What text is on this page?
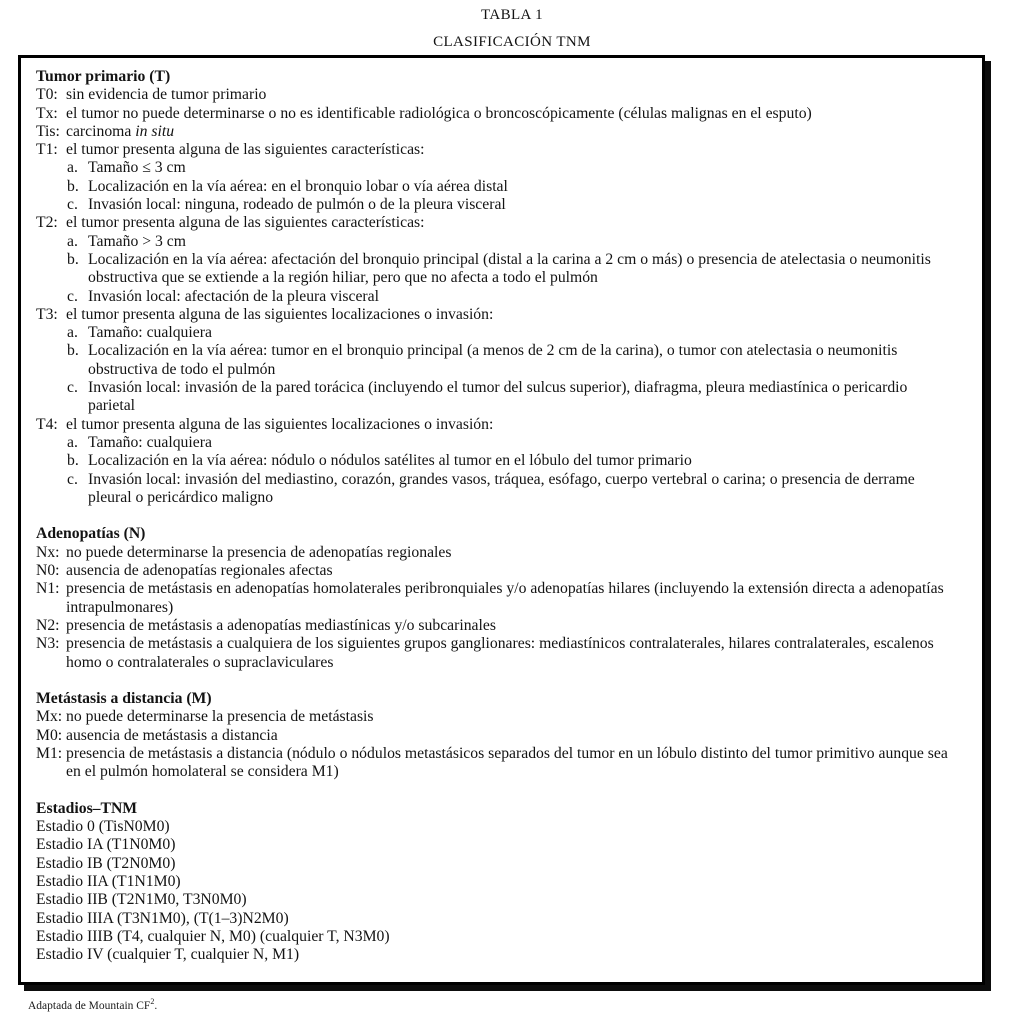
TABLA 1
CLASIFICACIÓN TNM
Tumor primario (T)
T0: sin evidencia de tumor primario
Tx: el tumor no puede determinarse o no es identificable radiológica o broncoscópicamente (células malignas en el esputo)
Tis: carcinoma in situ
T1: el tumor presenta alguna de las siguientes características:
a. Tamaño ≤ 3 cm
b. Localización en la vía aérea: en el bronquio lobar o vía aérea distal
c. Invasión local: ninguna, rodeado de pulmón o de la pleura visceral
T2: el tumor presenta alguna de las siguientes características:
a. Tamaño > 3 cm
b. Localización en la vía aérea: afectación del bronquio principal (distal a la carina a 2 cm o más) o presencia de atelectasia o neumonitis obstructiva que se extiende a la región hiliar, pero que no afecta a todo el pulmón
c. Invasión local: afectación de la pleura visceral
T3: el tumor presenta alguna de las siguientes localizaciones o invasión:
a. Tamaño: cualquiera
b. Localización en la vía aérea: tumor en el bronquio principal (a menos de 2 cm de la carina), o tumor con atelectasia o neumonitis obstructiva de todo el pulmón
c. Invasión local: invasión de la pared torácica (incluyendo el tumor del sulcus superior), diafragma, pleura mediastínica o pericardio parietal
T4: el tumor presenta alguna de las siguientes localizaciones o invasión:
a. Tamaño: cualquiera
b. Localización en la vía aérea: nódulo o nódulos satélites al tumor en el lóbulo del tumor primario
c. Invasión local: invasión del mediastino, corazón, grandes vasos, tráquea, esófago, cuerpo vertebral o carina; o presencia de derrame pleural o pericárdico maligno
Adenopatías (N)
Nx: no puede determinarse la presencia de adenopatías regionales
N0: ausencia de adenopatías regionales afectas
N1: presencia de metástasis en adenopatías homolaterales peribronquiales y/o adenopatías hilares (incluyendo la extensión directa a adenopatías intrapulmonares)
N2: presencia de metástasis a adenopatías mediastínicas y/o subcarinales
N3: presencia de metástasis a cualquiera de los siguientes grupos ganglionares: mediastínicos contralaterales, hilares contralaterales, escalenos homo o contralaterales o supraclaviculares
Metástasis a distancia (M)
Mx: no puede determinarse la presencia de metástasis
M0: ausencia de metástasis a distancia
M1: presencia de metástasis a distancia (nódulo o nódulos metastásicos separados del tumor en un lóbulo distinto del tumor primitivo aunque sea en el pulmón homolateral se considera M1)
Estadios–TNM
Estadio 0 (TisN0M0)
Estadio IA (T1N0M0)
Estadio IB (T2N0M0)
Estadio IIA (T1N1M0)
Estadio IIB (T2N1M0, T3N0M0)
Estadio IIIA (T3N1M0), (T(1–3)N2M0)
Estadio IIIB (T4, cualquier N, M0) (cualquier T, N3M0)
Estadio IV (cualquier T, cualquier N, M1)
Adaptada de Mountain $CF^2$.
